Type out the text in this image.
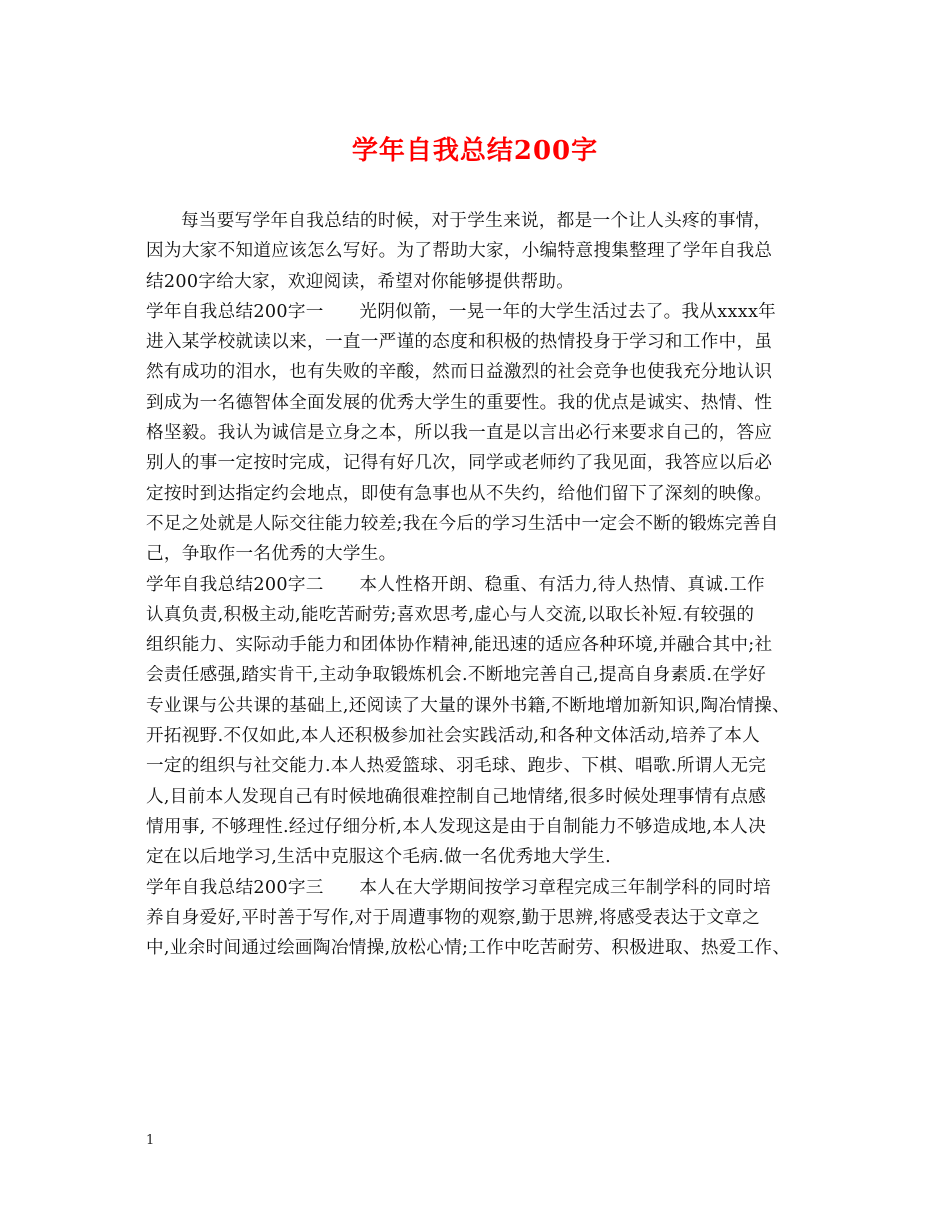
学年自我总结200字
每当要写学年自我总结的时候，对于学生来说，都是一个让人头疼的事情，
因为大家不知道应该怎么写好。为了帮助大家，小编特意搜集整理了学年自我总
结200字给大家，欢迎阅读，希望对你能够提供帮助。
学年自我总结200字一　　光阴似箭，一晃一年的大学生活过去了。我从xxxx年
进入某学校就读以来，一直一严谨的态度和积极的热情投身于学习和工作中，虽
然有成功的泪水，也有失败的辛酸，然而日益激烈的社会竞争也使我充分地认识
到成为一名德智体全面发展的优秀大学生的重要性。我的优点是诚实、热情、性
格坚毅。我认为诚信是立身之本，所以我一直是以言出必行来要求自己的，答应
别人的事一定按时完成，记得有好几次，同学或老师约了我见面，我答应以后必
定按时到达指定约会地点，即使有急事也从不失约，给他们留下了深刻的映像。
不足之处就是人际交往能力较差;我在今后的学习生活中一定会不断的锻炼完善自
己，争取作一名优秀的大学生。
学年自我总结200字二　　本人性格开朗、稳重、有活力,待人热情、真诚.工作
认真负责,积极主动,能吃苦耐劳;喜欢思考,虚心与人交流,以取长补短.有较强的
组织能力、实际动手能力和团体协作精神,能迅速的适应各种环境,并融合其中;社
会责任感强,踏实肯干,主动争取锻炼机会.不断地完善自己,提高自身素质.在学好
专业课与公共课的基础上,还阅读了大量的课外书籍,不断地增加新知识,陶冶情操、
开拓视野.不仅如此,本人还积极参加社会实践活动,和各种文体活动,培养了本人
一定的组织与社交能力.本人热爱篮球、羽毛球、跑步、下棋、唱歌.所谓人无完
人,目前本人发现自己有时候地确很难控制自己地情绪,很多时候处理事情有点感
情用事, 不够理性.经过仔细分析,本人发现这是由于自制能力不够造成地,本人决
定在以后地学习,生活中克服这个毛病.做一名优秀地大学生.
学年自我总结200字三　　本人在大学期间按学习章程完成三年制学科的同时培
养自身爱好,平时善于写作,对于周遭事物的观察,勤于思辨,将感受表达于文章之
中,业余时间通过绘画陶冶情操,放松心情;工作中吃苦耐劳、积极进取、热爱工作、
1
